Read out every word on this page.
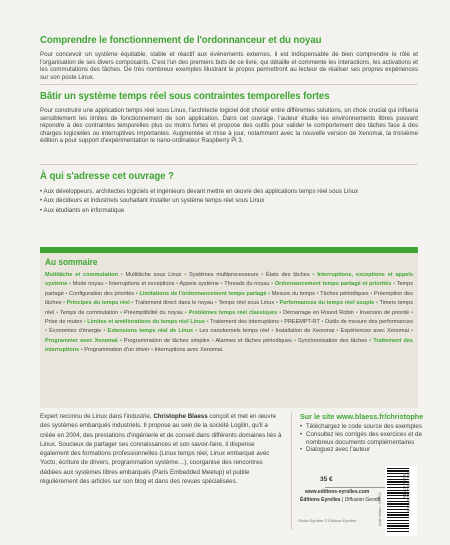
Comprendre le fonctionnement de l'ordonnanceur et du noyau

Pour concevoir un système équitable, stable et réactif aux événements externes, il est indispensable de bien comprendre le rôle et l'organisation de ses divers composants. C'est l'un des premiers buts de ce livre, qui détaille et commente les interactions, les activations et les commutations des tâches. De très nombreux exemples illustrant le propos permettront au lecteur de réaliser ses propres expériences sur son poste Linux.

Bâtir un système temps réel sous contraintes temporelles fortes

Pour construire une application temps réel sous Linux, l'architecte logiciel doit choisir entre différentes solutions, un choix crucial qui influera sensiblement les limites de fonctionnement de son application. Dans cet ouvrage, l'auteur étudie les environnements libres pouvant répondre à des contraintes temporelles plus ou moins fortes et propose des outils pour valider le comportement des tâches face à des charges logicielles ou interruptives importantes. Augmentée et mise à jour, notamment avec la nouvelle version de Xenomai, la troisième édition a pour support d'expérimentation le nano-ordinateur Raspberry Pi 3.

À qui s'adresse cet ouvrage ?
• Aux développeurs, architectes logiciels et ingénieurs devant mettre en œuvre des applications temps réel sous Linux
• Aux décideurs et industriels souhaitant installer un système temps réel sous Linux
• Aux étudiants en informatique
Au sommaire
Multitâche et commutation • Multitâche sous Linux • Systèmes multiprocesseurs • États des tâches • Interruptions, exceptions et appels système • Mode noyau • Interruptions et exceptions • Appels système • Threads du noyau • Ordonnancement temps partagé et priorités • Temps partagé • Configuration des priorités • Limitations de l'ordonnancement temps partagé • Mesure du temps • Tâches périodiques • Préemption des tâches • Principes du temps réel • Traitement direct dans le noyau • Temps réel sous Linux • Performances du temps réel souple • Timers temps réel • Temps de commutation • Préemptibilité du noyau • Problèmes temps réel classiques • Démarrage en Round Robin • Inversion de priorité • Prise de mutex • Limites et améliorations du temps réel Linux • Traitement des interruptions • PREEMPT-RT • Outils de mesure des performances • Économies d'énergie • Extensions temps réel de Linux • Les nanokernels temps réel • Installation de Xenomai • Expériences avec Xenomai • Programmer avec Xenomai • Programmation de tâches simples • Alarmes et tâches périodiques • Synchronisation des tâches • Traitement des interruptions • Programmation d'un driver • Interruptions avec Xenomai.

Expert reconnu de Linux dans l'industrie, Christophe Blaess conçoit et met en œuvre des systèmes embarqués industriels. Il propose au sein de la société Logilin, qu'il a créée en 2004, des prestations d'ingénierie et de conseil dans différents domaines liés à Linux. Soucieux de partager ses connaissances et son savoir-faire, il dispense également des formations professionnelles (Linux temps réel, Linux embarqué avec Yocto, écriture de drivers, programmation système…), coorganise des rencontres dédiées aux systèmes libres embarqués (Paris Embedded Meetup) et publie régulièrement des articles sur son blog et dans des revues spécialisées.

Sur le site www.blaess.fr/christophe
• Téléchargez le code source des exemples
• Consultez les corrigés des exercices et de nombreux documents complémentaires
• Dialoguez avec l'auteur
35 €
www.editions-eyrolles.com
Éditions Eyrolles | Diffusion Geodif
Studio Eyrolles © Éditions Eyrolles	Code éditeur : G67711	ISBN : 978-2-212-67711-9
9 782212 677119
